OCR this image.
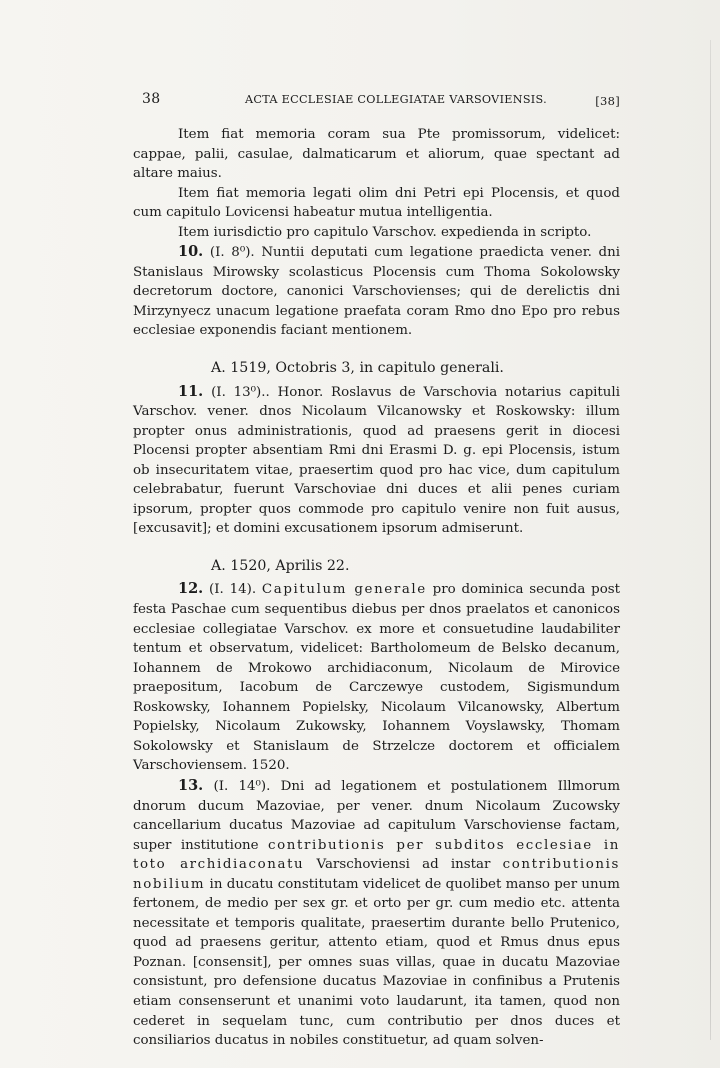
38	ACTA ECCLESIAE COLLEGIATAE VARSOVIENSIS.	[38]

Item fiat memoria coram sua Pte promissorum, videlicet: cappae, palii, casulae, dalmaticarum et aliorum, quae spectant ad altare maius.

Item fiat memoria legati olim dni Petri epi Plocensis, et quod cum capitulo Lovicensi habeatur mutua intelligentia.

Item iurisdictio pro capitulo Varschov. expedienda in scripto.

10. (I. 8⁰). Nuntii deputati cum legatione praedicta vener. dni Stanislaus Mirowsky scolasticus Plocensis cum Thoma Sokolowsky decretorum doctore, canonici Varschovienses; qui de derelictis dni Mirzynyecz unacum legatione praefata coram Rmo dno Epo pro rebus ecclesiae exponendis faciant mentionem.

A. 1519, Octobris 3, in capitulo generali.

11. (I. 13⁰).. Honor. Roslavus de Varschovia notarius capituli Varschov. vener. dnos Nicolaum Vilcanowsky et Roskowsky: illum propter onus administrationis, quod ad praesens gerit in diocesi Plocensi propter absentiam Rmi dni Erasmi D. g. epi Plocensis, istum ob insecuritatem vitae, praesertim quod pro hac vice, dum capitulum celebrabatur, fuerunt Varschoviae dni duces et alii penes curiam ipsorum, propter quos commode pro capitulo venire non fuit ausus, [excusavit]; et domini excusationem ipsorum admiserunt.

A. 1520, Aprilis 22.

12. (I. 14). Capitulum generale pro dominica secunda post festa Paschae cum sequentibus diebus per dnos praelatos et canonicos ecclesiae collegiatae Varschov. ex more et consuetudine laudabiliter tentum et observatum, videlicet: Bartholomeum de Belsko decanum, Iohannem de Mrokowo archidiaconum, Nicolaum de Mirovice praepositum, Iacobum de Carczewye custodem, Sigismundum Roskowsky, Iohannem Popielsky, Nicolaum Vilcanowsky, Albertum Popielsky, Nicolaum Zukowsky, Iohannem Voyslawsky, Thomam Sokolowsky et Stanislaum de Strzelcze doctorem et officialem Varschoviensem. 1520.

13. (I. 14⁰). Dni ad legationem et postulationem Illmorum dnorum ducum Mazoviae, per vener. dnum Nicolaum Zucowsky cancellarium ducatus Mazoviae ad capitulum Varschoviense factam, super institutione contributionis per subditos ecclesiae in toto archidiaconatu Varschoviensi ad instar contributionis nobilium in ducatu constitutam videlicet de quolibet manso per unum fertonem, de medio per sex gr. et orto per gr. cum medio etc. attenta necessitate et temporis qualitate, praesertim durante bello Prutenico, quod ad praesens geritur, attento etiam, quod et Rmus dnus epus Poznan. [consensit], per omnes suas villas, quae in ducatu Mazoviae consistunt, pro defensione ducatus Mazoviae in confinibus a Prutenis etiam consenserunt et unanimi voto laudarunt, ita tamen, quod non cederet in sequelam tunc, cum contributio per dnos duces et consiliarios ducatus in nobiles constituetur, ad quam solven-
